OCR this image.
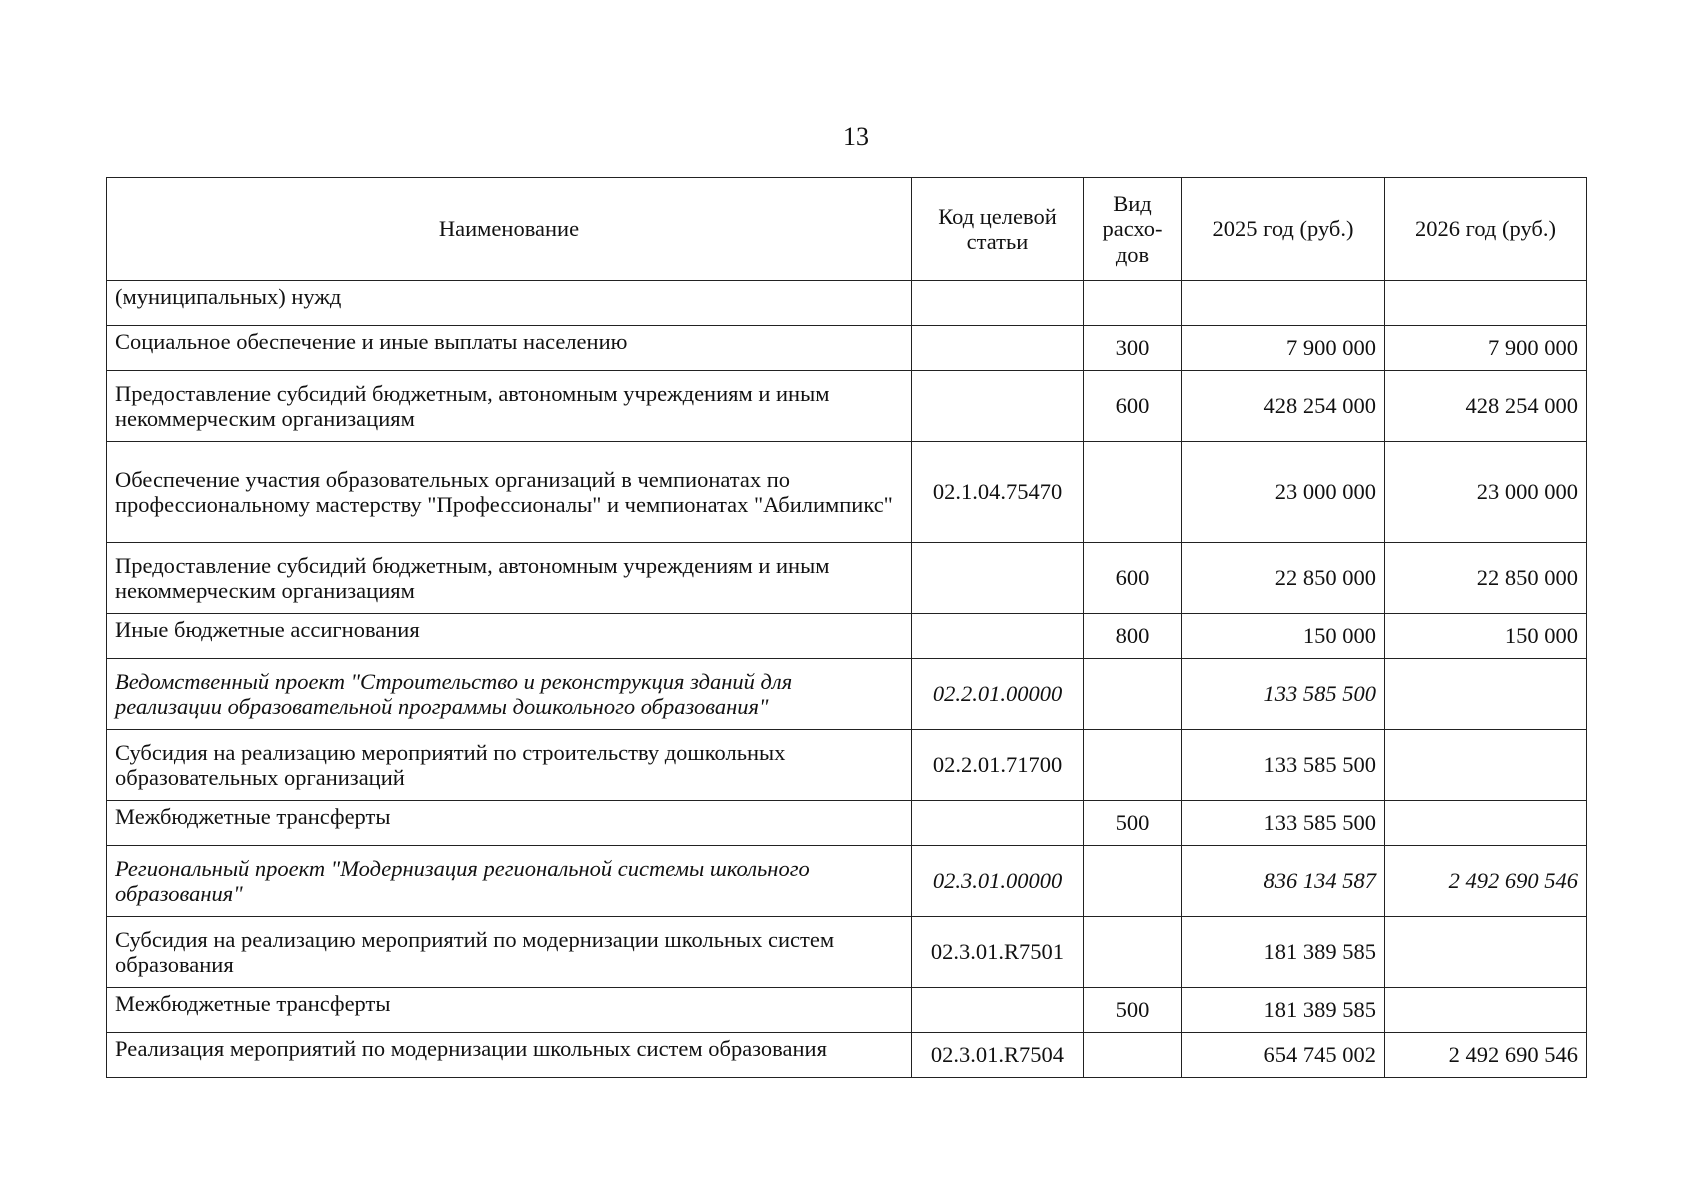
13
Наименование	Код целевой статьи	Вид расхо-дов	2025 год (руб.)	2026 год (руб.)
(муниципальных) нужд				
Социальное обеспечение и иные выплаты населению		300	7 900 000	7 900 000
Предоставление субсидий бюджетным, автономным учреждениям и иным некоммерческим организациям		600	428 254 000	428 254 000
Обеспечение участия образовательных организаций в чемпионатах по профессиональному мастерству "Профессионалы" и чемпионатах "Абилимпикс"	02.1.04.75470		23 000 000	23 000 000
Предоставление субсидий бюджетным, автономным учреждениям и иным некоммерческим организациям		600	22 850 000	22 850 000
Иные бюджетные ассигнования		800	150 000	150 000
Ведомственный проект "Строительство и реконструкция зданий для реализации образовательной программы дошкольного образования"	02.2.01.00000		133 585 500	
Субсидия на реализацию мероприятий по строительству дошкольных образовательных организаций	02.2.01.71700		133 585 500	
Межбюджетные трансферты		500	133 585 500	
Региональный проект "Модернизация региональной системы школьного образования"	02.3.01.00000		836 134 587	2 492 690 546
Субсидия на реализацию мероприятий по модернизации школьных систем образования	02.3.01.R7501		181 389 585	
Межбюджетные трансферты		500	181 389 585	
Реализация мероприятий по модернизации школьных систем образования	02.3.01.R7504		654 745 002	2 492 690 546
